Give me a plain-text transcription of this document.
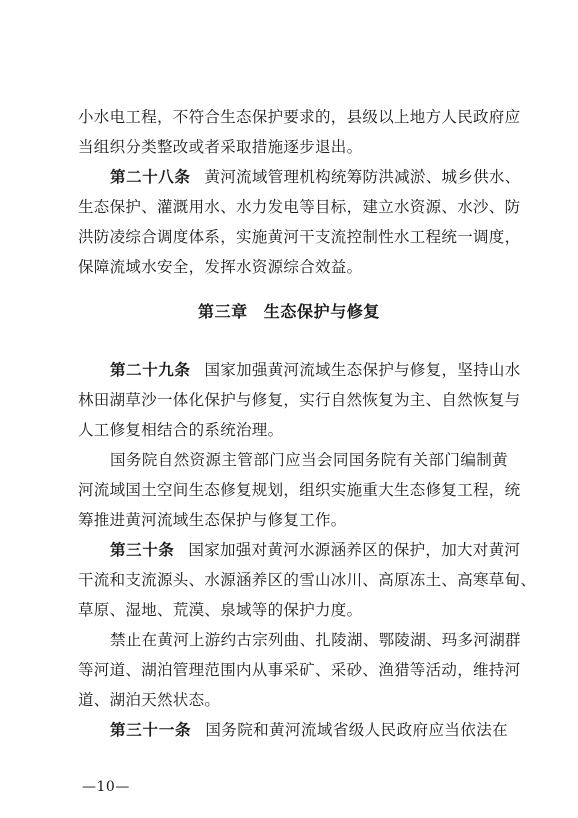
小水电工程，不符合生态保护要求的，县级以上地方人民政府应
当组织分类整改或者采取措施逐步退出。
第二十八条 黄河流域管理机构统筹防洪减淤、城乡供水、
生态保护、灌溉用水、水力发电等目标，建立水资源、水沙、防
洪防凌综合调度体系，实施黄河干支流控制性水工程统一调度，
保障流域水安全，发挥水资源综合效益。
第三章 生态保护与修复
第二十九条 国家加强黄河流域生态保护与修复，坚持山水
林田湖草沙一体化保护与修复，实行自然恢复为主、自然恢复与
人工修复相结合的系统治理。
国务院自然资源主管部门应当会同国务院有关部门编制黄
河流域国土空间生态修复规划，组织实施重大生态修复工程，统
筹推进黄河流域生态保护与修复工作。
第三十条 国家加强对黄河水源涵养区的保护，加大对黄河
干流和支流源头、水源涵养区的雪山冰川、高原冻土、高寒草甸、
草原、湿地、荒漠、泉域等的保护力度。
禁止在黄河上游约古宗列曲、扎陵湖、鄂陵湖、玛多河湖群
等河道、湖泊管理范围内从事采矿、采砂、渔猎等活动，维持河
道、湖泊天然状态。
第三十一条 国务院和黄河流域省级人民政府应当依法在
—10—
